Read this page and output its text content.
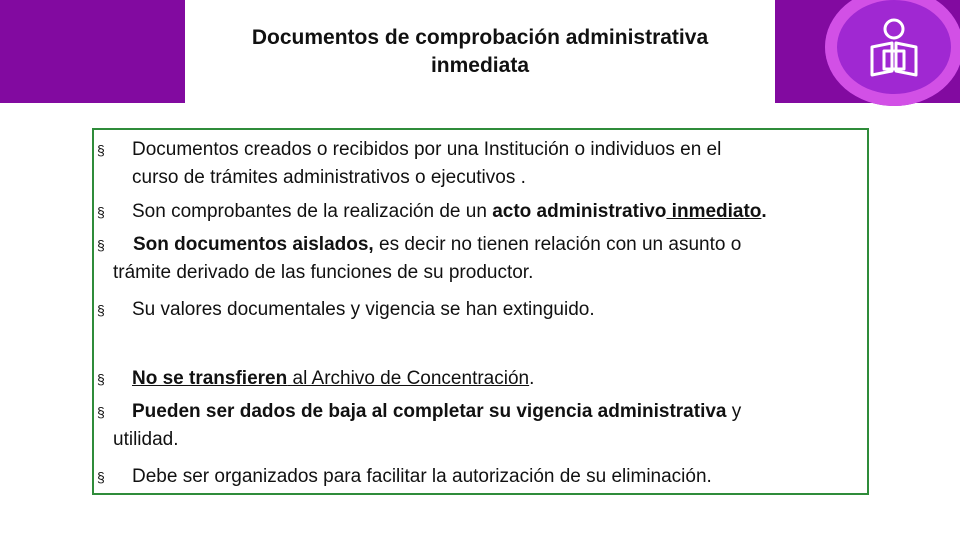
Documentos de comprobación administrativa
inmediata
§	Documentos creados o recibidos por una Institución o individuos en el
curso de trámites administrativos o ejecutivos .
§	Son comprobantes de la realización de un acto administrativo inmediato.
§	Son documentos aislados, es decir no tienen relación con un asunto o
trámite derivado de las funciones de su productor.
§	Su valores documentales y vigencia se han extinguido.
§	No se transfieren al Archivo de Concentración.
§	Pueden ser dados de baja al completar su vigencia administrativa y
utilidad.
§	Debe ser organizados para facilitar la autorización de su eliminación.
